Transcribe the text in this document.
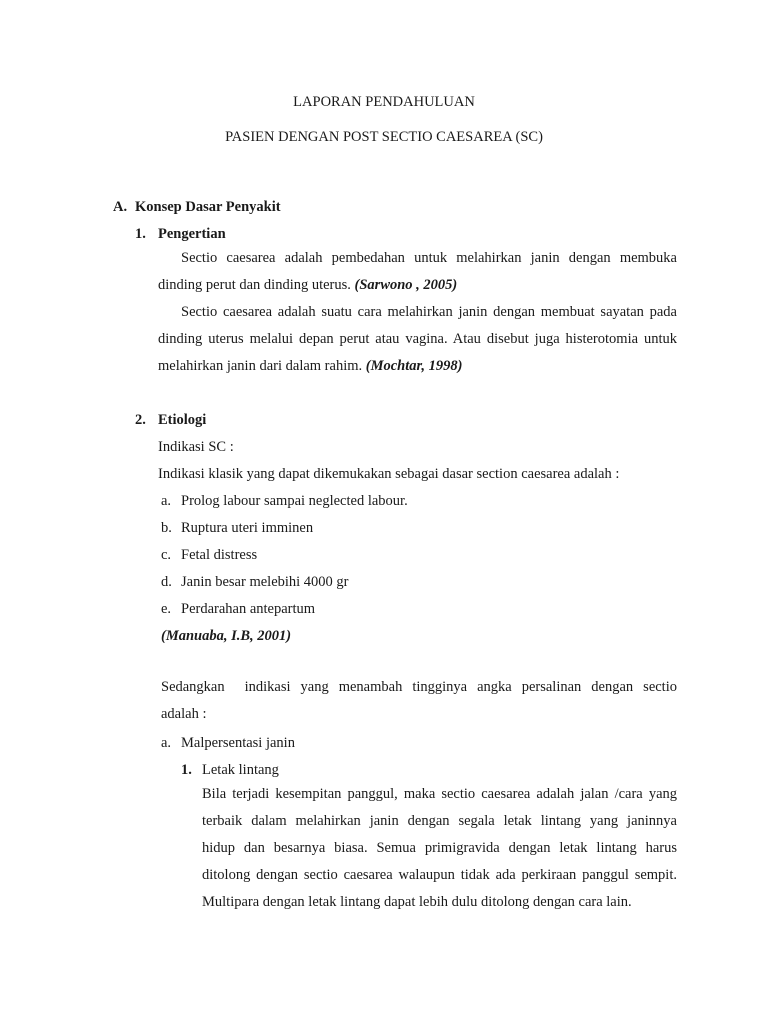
LAPORAN PENDAHULUAN
PASIEN DENGAN POST SECTIO CAESAREA (SC)
A. Konsep Dasar Penyakit
1. Pengertian
Sectio caesarea adalah pembedahan untuk melahirkan janin dengan membuka
dinding perut dan dinding uterus. (Sarwono , 2005)
Sectio caesarea adalah suatu cara melahirkan janin dengan membuat sayatan pada
dinding uterus melalui depan perut atau vagina. Atau disebut juga histerotomia untuk
melahirkan janin dari dalam rahim. (Mochtar, 1998)
2. Etiologi
Indikasi SC :
Indikasi klasik yang dapat dikemukakan sebagai dasar section caesarea adalah :
a. Prolog labour sampai neglected labour.
b. Ruptura uteri imminen
c. Fetal distress
d. Janin besar melebihi 4000 gr
e. Perdarahan antepartum
(Manuaba, I.B, 2001)
Sedangkan  indikasi yang menambah tingginya angka persalinan dengan sectio
adalah :
a. Malpersentasi janin
1. Letak lintang
Bila terjadi kesempitan panggul, maka sectio caesarea adalah jalan /cara yang
terbaik dalam melahirkan janin dengan segala letak lintang yang janinnya
hidup dan besarnya biasa. Semua primigravida dengan letak lintang harus
ditolong dengan sectio caesarea walaupun tidak ada perkiraan panggul sempit.
Multipara dengan letak lintang dapat lebih dulu ditolong dengan cara lain.
